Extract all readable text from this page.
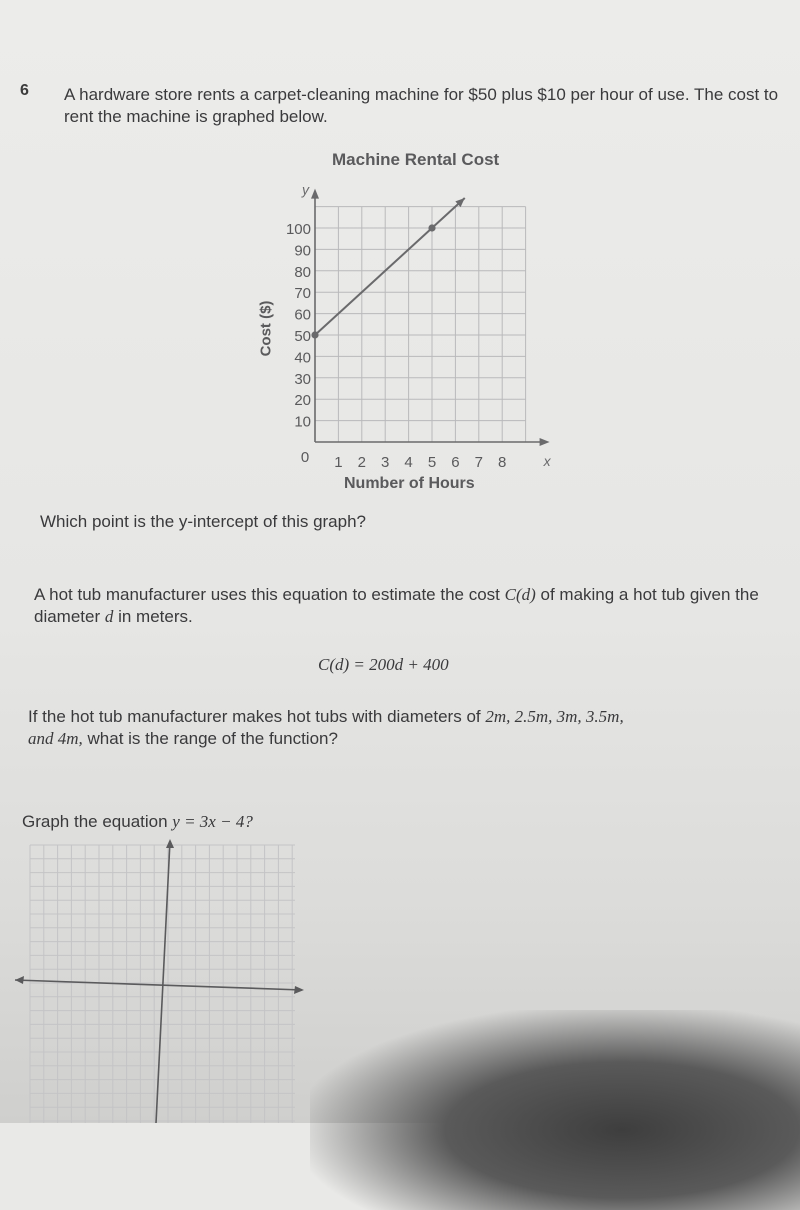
6 A hardware store rents a carpet-cleaning machine for $50 plus $10 per hour of use. The cost to rent the machine is graphed below.
Machine Rental Cost
y
x
0 1 2 3 4 5 6 7 8
10
20
30
40
50
60
70
80
90
100
Cost ($)
Number of Hours
Which point is the y-intercept of this graph?
A hot tub manufacturer uses this equation to estimate the cost C(d) of making a hot tub given the diameter d in meters.
C(d) = 200d + 400
If the hot tub manufacturer makes hot tubs with diameters of 2m, 2.5m, 3m, 3.5m,
and 4m, what is the range of the function?
Graph the equation y = 3x − 4?
